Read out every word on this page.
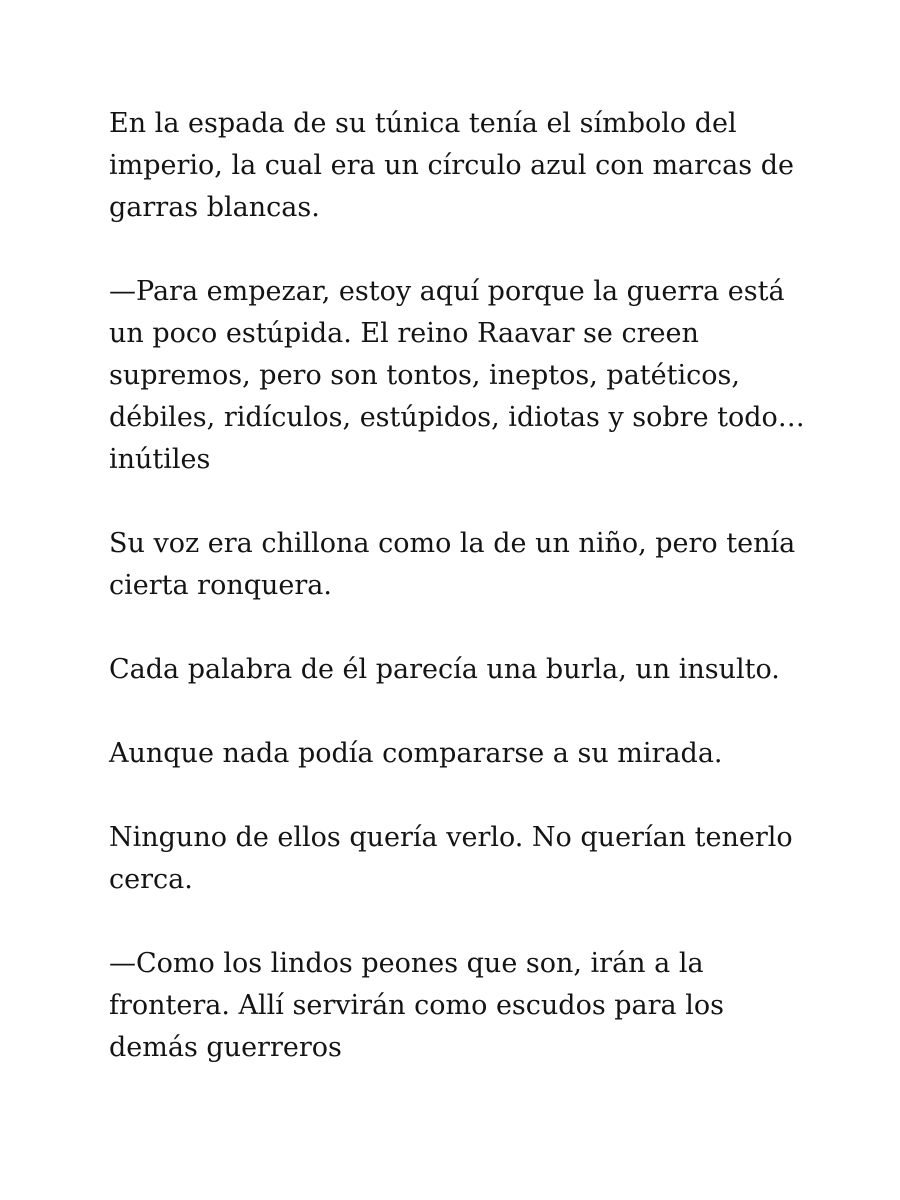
En la espada de su túnica tenía el símbolo del imperio, la cual era un círculo azul con marcas de garras blancas.

—Para empezar, estoy aquí porque la guerra está un poco estúpida. El reino Raavar se creen supremos, pero son tontos, ineptos, patéticos, débiles, ridículos, estúpidos, idiotas y sobre todo… inútiles

Su voz era chillona como la de un niño, pero tenía cierta ronquera.

Cada palabra de él parecía una burla, un insulto.

Aunque nada podía compararse a su mirada.

Ninguno de ellos quería verlo. No querían tenerlo cerca.

—Como los lindos peones que son, irán a la frontera. Allí servirán como escudos para los demás guerreros
